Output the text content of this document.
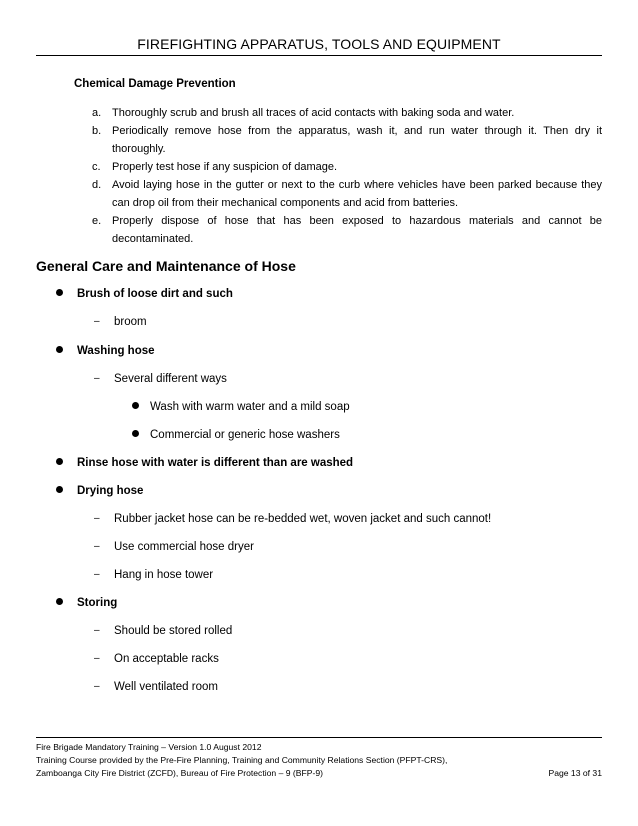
FIREFIGHTING APPARATUS, TOOLS AND EQUIPMENT
Chemical Damage Prevention
a. Thoroughly scrub and brush all traces of acid contacts with baking soda and water.
b. Periodically remove hose from the apparatus, wash it, and run water through it. Then dry it thoroughly.
c. Properly test hose if any suspicion of damage.
d. Avoid laying hose in the gutter or next to the curb where vehicles have been parked because they can drop oil from their mechanical components and acid from batteries.
e. Properly dispose of hose that has been exposed to hazardous materials and cannot be decontaminated.
General Care and Maintenance of Hose
Brush of loose dirt and such
– broom
Washing hose
– Several different ways
Wash with warm water and a mild soap
Commercial or generic hose washers
Rinse hose with water is different than are washed
Drying hose
– Rubber jacket hose can be re-bedded wet, woven jacket and such cannot!
– Use commercial hose dryer
– Hang in hose tower
Storing
– Should be stored rolled
– On acceptable racks
– Well ventilated room
Fire Brigade Mandatory Training – Version 1.0 August 2012
Training Course provided by the Pre-Fire Planning, Training and Community Relations Section (PFPT-CRS),
Zamboanga City Fire District (ZCFD), Bureau of Fire Protection – 9 (BFP-9)	Page 13 of 31
